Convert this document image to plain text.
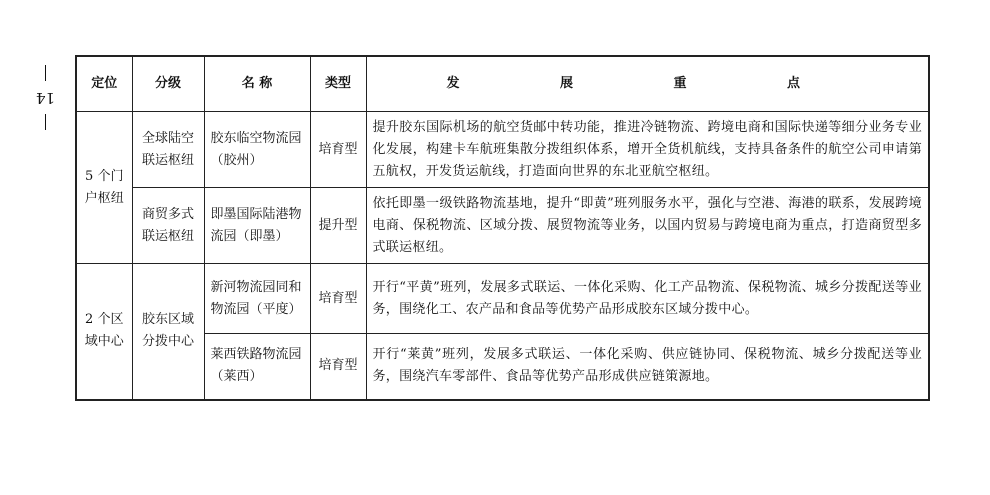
14
定位	分级	名 称	类型	发 展 重 点
5 个门户枢纽	全球陆空联运枢纽	胶东临空物流园（胶州）	培育型	提升胶东国际机场的航空货邮中转功能，推进冷链物流、跨境电商和国际快递等细分业务专业化发展，构建卡车航班集散分拨组织体系，增开全货机航线，支持具备条件的航空公司申请第五航权，开发货运航线，打造面向世界的东北亚航空枢纽。
	商贸多式联运枢纽	即墨国际陆港物流园（即墨）	提升型	依托即墨一级铁路物流基地，提升“即黄”班列服务水平，强化与空港、海港的联系，发展跨境电商、保税物流、区域分拨、展贸物流等业务，以国内贸易与跨境电商为重点，打造商贸型多式联运枢纽。
2 个区域中心	胶东区域分拨中心	新河物流园同和物流园（平度）	培育型	开行“平黄”班列，发展多式联运、一体化采购、化工产品物流、保税物流、城乡分拨配送等业务，围绕化工、农产品和食品等优势产品形成胶东区域分拨中心。
		莱西铁路物流园（莱西）	培育型	开行“莱黄”班列，发展多式联运、一体化采购、供应链协同、保税物流、城乡分拨配送等业务，围绕汽车零部件、食品等优势产品形成供应链策源地。
